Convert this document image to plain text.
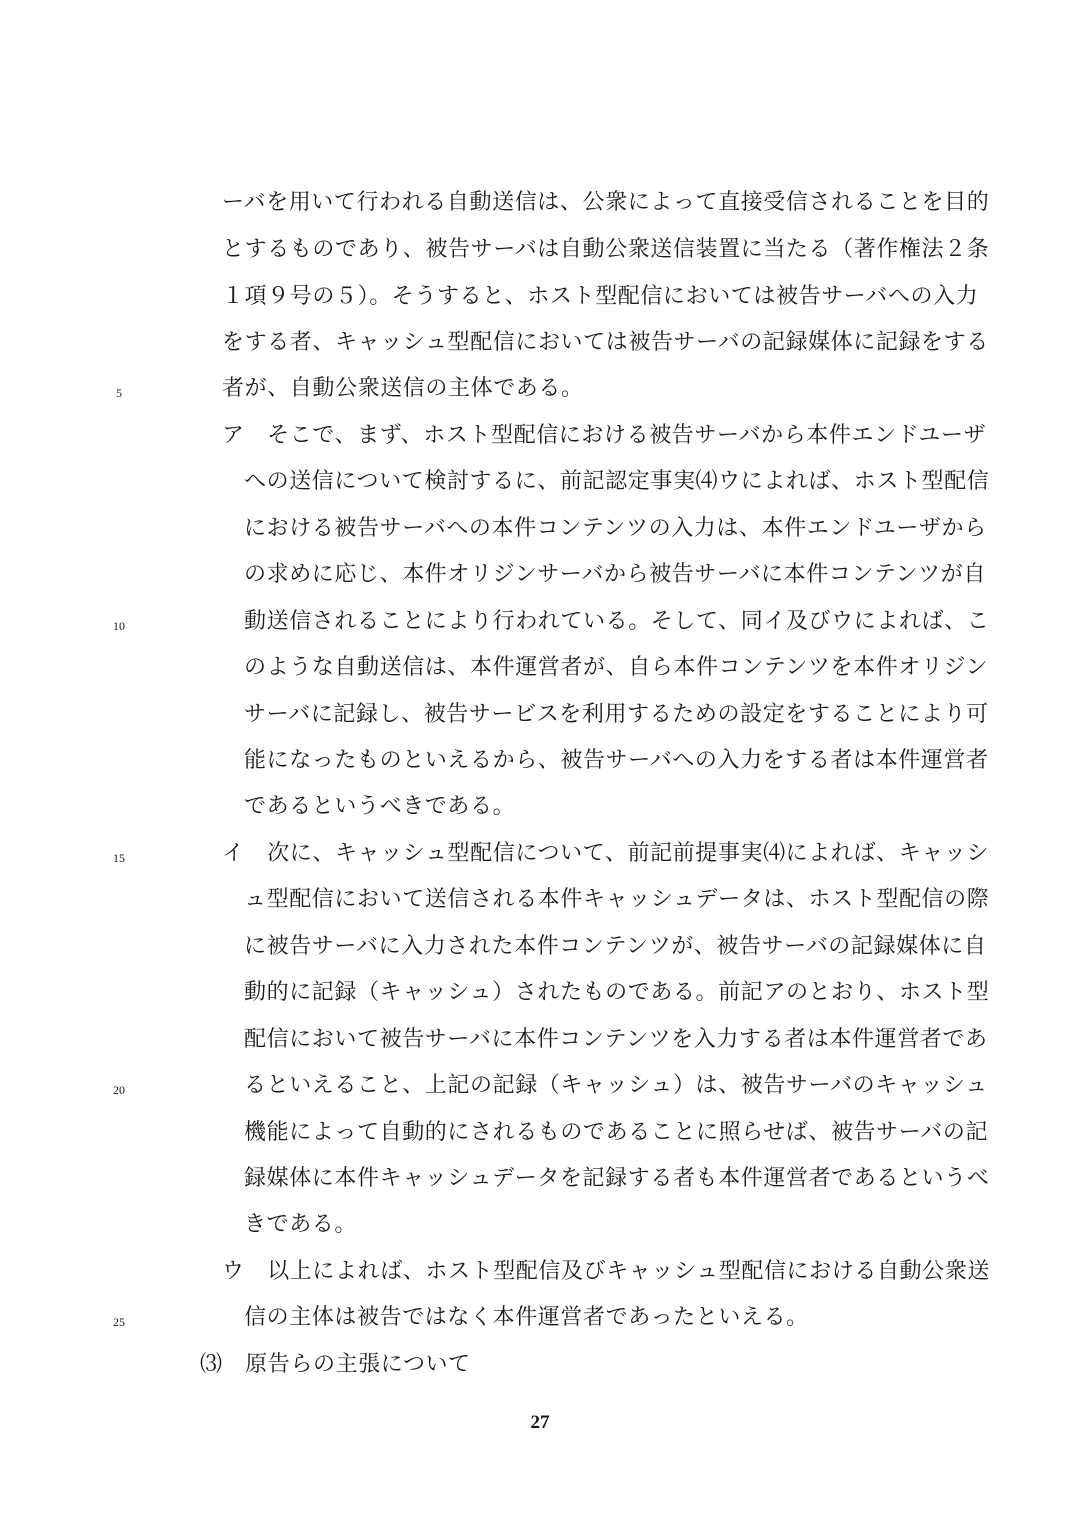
ーバを用いて行われる自動送信は、公衆によって直接受信されることを目的
とするものであり、被告サーバは自動公衆送信装置に当たる（著作権法２条
１項９号の５）。そうすると、ホスト型配信においては被告サーバへの入力
をする者、キャッシュ型配信においては被告サーバの記録媒体に記録をする
者が、自動公衆送信の主体である。
ア　そこで、まず、ホスト型配信における被告サーバから本件エンドユーザ
への送信について検討するに、前記認定事実⑷ウによれば、ホスト型配信
における被告サーバへの本件コンテンツの入力は、本件エンドユーザから
の求めに応じ、本件オリジンサーバから被告サーバに本件コンテンツが自
動送信されることにより行われている。そして、同イ及びウによれば、こ
のような自動送信は、本件運営者が、自ら本件コンテンツを本件オリジン
サーバに記録し、被告サービスを利用するための設定をすることにより可
能になったものといえるから、被告サーバへの入力をする者は本件運営者
であるというべきである。
イ　次に、キャッシュ型配信について、前記前提事実⑷によれば、キャッシ
ュ型配信において送信される本件キャッシュデータは、ホスト型配信の際
に被告サーバに入力された本件コンテンツが、被告サーバの記録媒体に自
動的に記録（キャッシュ）されたものである。前記アのとおり、ホスト型
配信において被告サーバに本件コンテンツを入力する者は本件運営者であ
るといえること、上記の記録（キャッシュ）は、被告サーバのキャッシュ
機能によって自動的にされるものであることに照らせば、被告サーバの記
録媒体に本件キャッシュデータを記録する者も本件運営者であるというべ
きである。
ウ　以上によれば、ホスト型配信及びキャッシュ型配信における自動公衆送
信の主体は被告ではなく本件運営者であったといえる。
⑶　原告らの主張について
5
10
15
20
25
27
